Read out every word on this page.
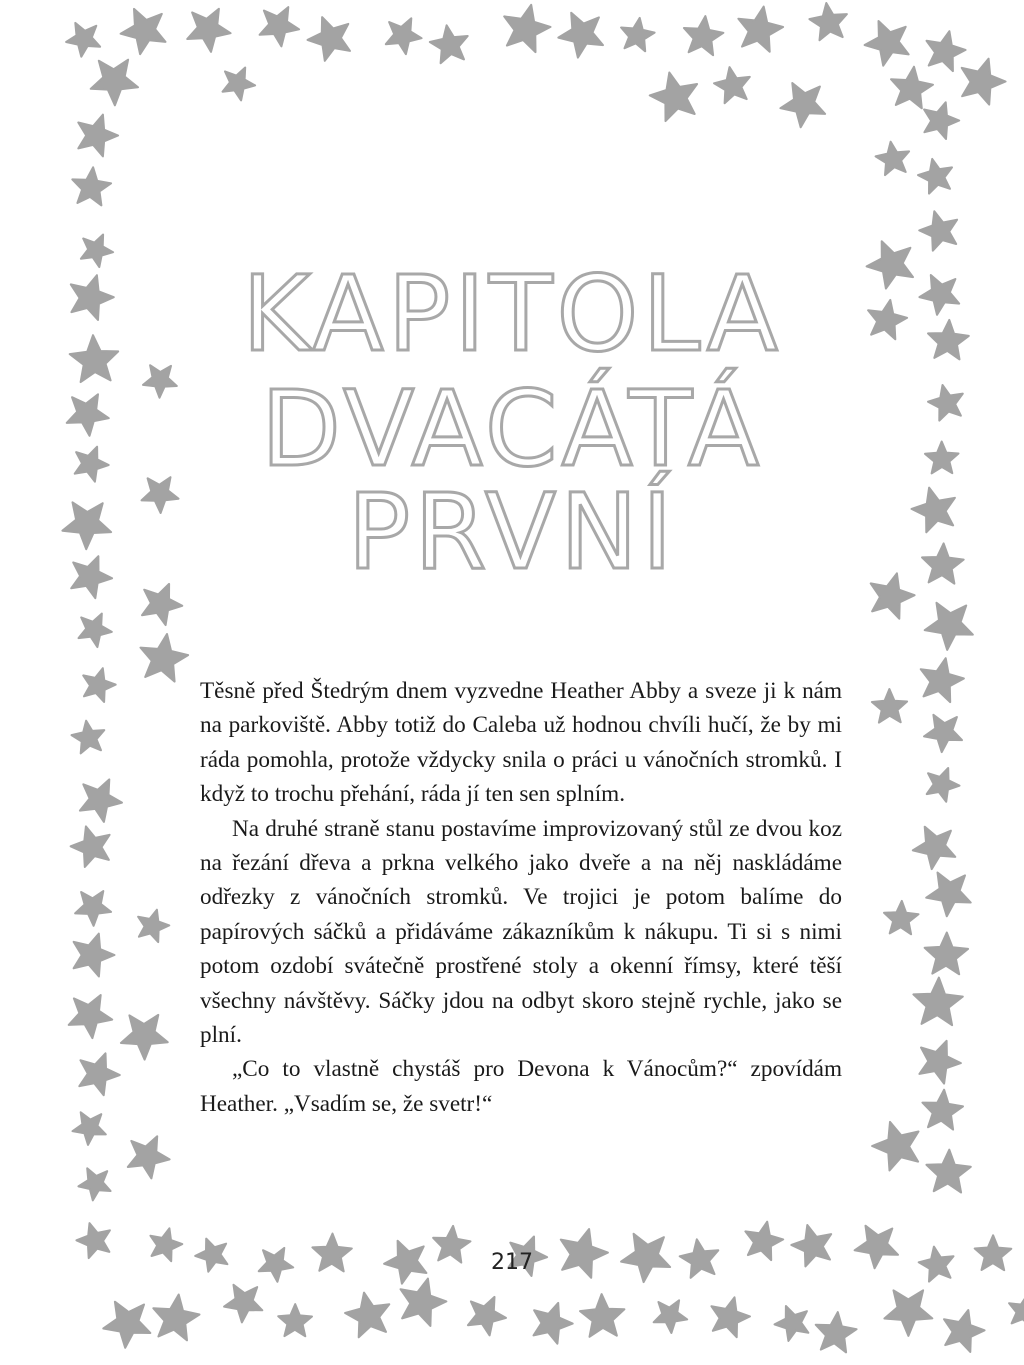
KAPITOLA
DVACÁTÁ
PRVNÍ

Těsně před Štedrým dnem vyzvedne Heather Abby a sveze ji k nám na parkoviště. Abby totiž do Caleba už hodnou chvíli hučí, že by mi ráda pomohla, protože vždycky snila o práci u vánočních stromků. I když to trochu přehání, ráda jí ten sen splním.

Na druhé straně stanu postavíme improvizovaný stůl ze dvou koz na řezání dřeva a prkna velkého jako dveře a na něj naskládáme odřezky z vánočních stromků. Ve trojici je potom balíme do papírových sáčků a přidáváme zákazníkům k nákupu. Ti si s nimi potom ozdobí svátečně prostřené stoly a okenní římsy, které těší všechny návštěvy. Sáčky jdou na odbyt skoro stejně rychle, jako se plní.

„Co to vlastně chystáš pro Devona k Vánocům?“ zpovídám Heather. „Vsadím se, že svetr!“

217
